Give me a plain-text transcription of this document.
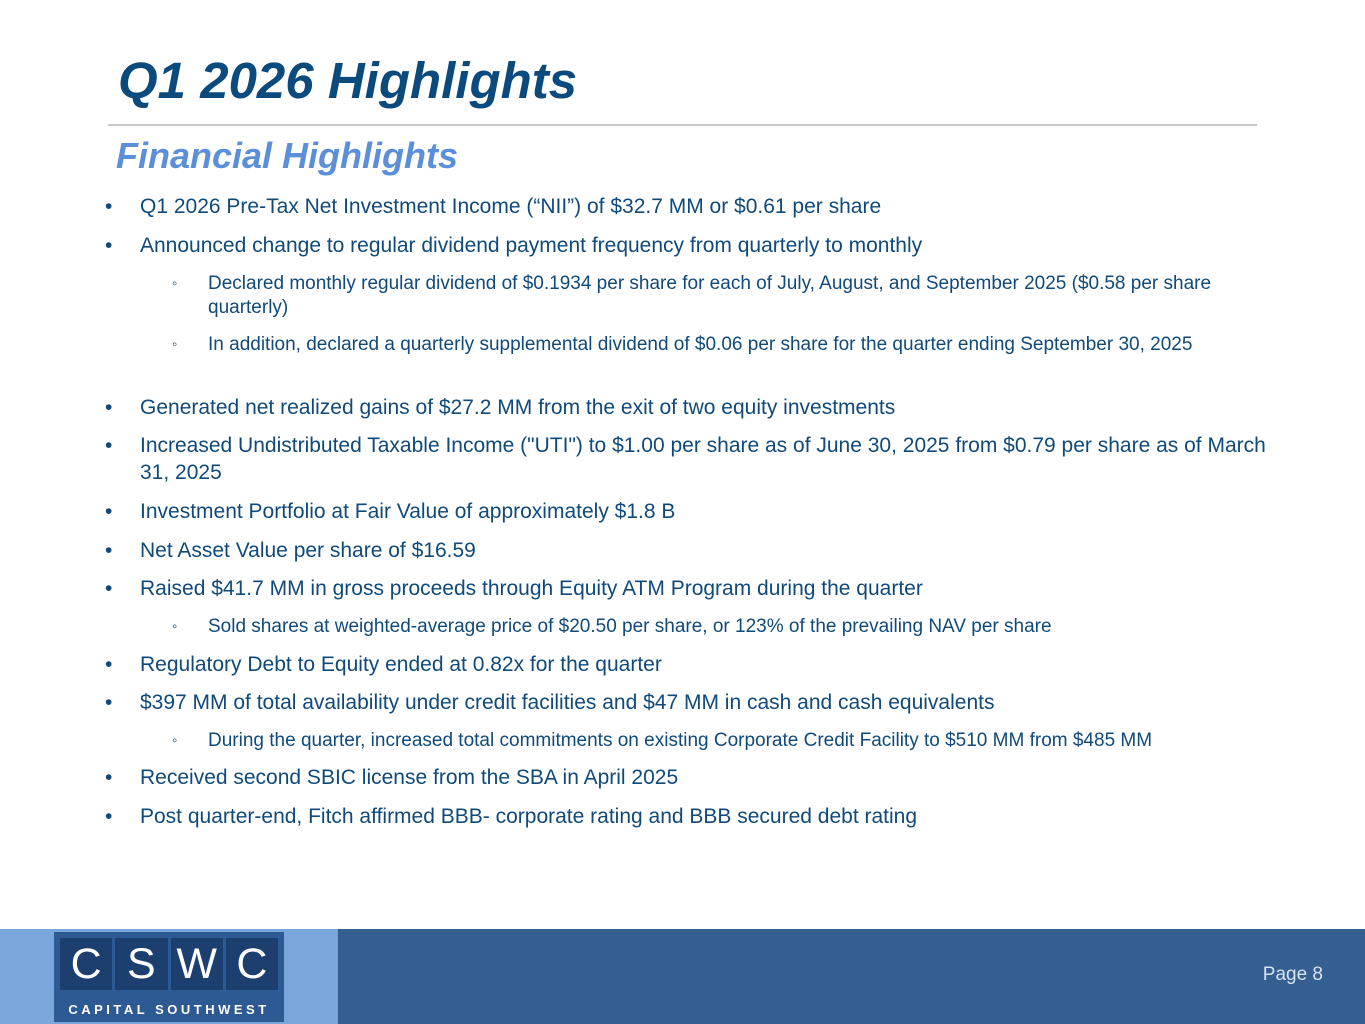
Q1 2026 Highlights
Financial Highlights
• Q1 2026 Pre-Tax Net Investment Income (“NII”) of $32.7 MM or $0.61 per share
• Announced change to regular dividend payment frequency from quarterly to monthly
◦ Declared monthly regular dividend of $0.1934 per share for each of July, August, and September 2025 ($0.58 per share quarterly)
◦ In addition, declared a quarterly supplemental dividend of $0.06 per share for the quarter ending September 30, 2025
• Generated net realized gains of $27.2 MM from the exit of two equity investments
• Increased Undistributed Taxable Income ("UTI") to $1.00 per share as of June 30, 2025 from $0.79 per share as of March 31, 2025
• Investment Portfolio at Fair Value of approximately $1.8 B
• Net Asset Value per share of $16.59
• Raised $41.7 MM in gross proceeds through Equity ATM Program during the quarter
◦ Sold shares at weighted-average price of $20.50 per share, or 123% of the prevailing NAV per share
• Regulatory Debt to Equity ended at 0.82x for the quarter
• $397 MM of total availability under credit facilities and $47 MM in cash and cash equivalents
◦ During the quarter, increased total commitments on existing Corporate Credit Facility to $510 MM from $485 MM
• Received second SBIC license from the SBA in April 2025
• Post quarter-end, Fitch affirmed BBB- corporate rating and BBB secured debt rating
C S W C
CAPITAL SOUTHWEST
Page 8
